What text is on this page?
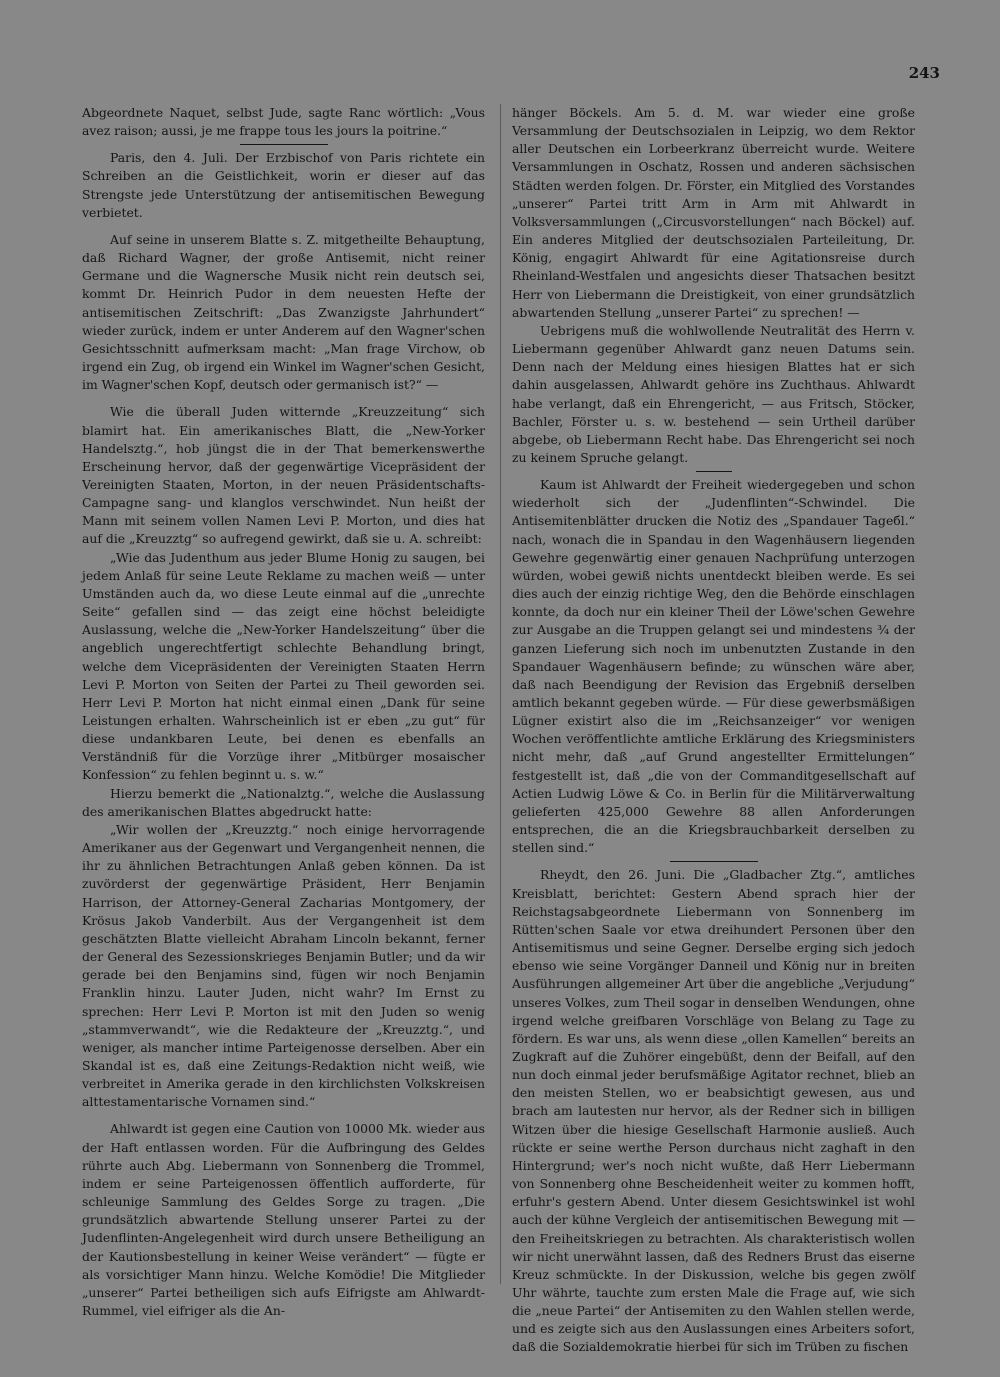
243

Abgeordnete Naquet, selbst Jude, sagte Ranc wörtlich: „Vous avez raison; aussi, je me frappe tous les jours la poitrine.“

Paris, den 4. Juli. Der Erzbischof von Paris richtete ein Schreiben an die Geistlichkeit, worin er dieser auf das Strengste jede Unterstützung der antisemitischen Bewegung verbietet.

Auf seine in unserem Blatte s. Z. mitgetheilte Behauptung, daß Richard Wagner, der große Antisemit, nicht reiner Germane und die Wagnersche Musik nicht rein deutsch sei, kommt Dr. Heinrich Pudor in dem neuesten Hefte der antisemitischen Zeitschrift: „Das Zwanzigste Jahrhundert“ wieder zurück, indem er unter Anderem auf den Wagner'schen Gesichtsschnitt aufmerksam macht: „Man frage Virchow, ob irgend ein Zug, ob irgend ein Winkel im Wagner'schen Gesicht, im Wagner'schen Kopf, deutsch oder germanisch ist?“ —

Wie die überall Juden witternde „Kreuzzeitung“ sich blamirt hat. Ein amerikanisches Blatt, die „New-Yorker Handelsztg.“, hob jüngst die in der That bemerkenswerthe Erscheinung hervor, daß der gegenwärtige Vicepräsident der Vereinigten Staaten, Morton, in der neuen Präsidentschafts-Campagne sang- und klanglos verschwindet. Nun heißt der Mann mit seinem vollen Namen Levi P. Morton, und dies hat auf die „Kreuzztg“ so aufregend gewirkt, daß sie u. A. schreibt:

„Wie das Judenthum aus jeder Blume Honig zu saugen, bei jedem Anlaß für seine Leute Reklame zu machen weiß — unter Umständen auch da, wo diese Leute einmal auf die „unrechte Seite“ gefallen sind — das zeigt eine höchst beleidigte Auslassung, welche die „New-Yorker Handelszeitung“ über die angeblich ungerechtfertigt schlechte Behandlung bringt, welche dem Vicepräsidenten der Vereinigten Staaten Herrn Levi P. Morton von Seiten der Partei zu Theil geworden sei. Herr Levi P. Morton hat nicht einmal einen „Dank für seine Leistungen erhalten. Wahrscheinlich ist er eben „zu gut“ für diese undankbaren Leute, bei denen es ebenfalls an Verständniß für die Vorzüge ihrer „Mitbürger mosaischer Konfession“ zu fehlen beginnt u. s. w.“

Hierzu bemerkt die „Nationalztg.“, welche die Auslassung des amerikanischen Blattes abgedruckt hatte:

„Wir wollen der „Kreuzztg.“ noch einige hervorragende Amerikaner aus der Gegenwart und Vergangenheit nennen, die ihr zu ähnlichen Betrachtungen Anlaß geben können. Da ist zuvörderst der gegenwärtige Präsident, Herr Benjamin Harrison, der Attorney-General Zacharias Montgomery, der Krösus Jakob Vanderbilt. Aus der Vergangenheit ist dem geschätzten Blatte vielleicht Abraham Lincoln bekannt, ferner der General des Sezessionskrieges Benjamin Butler; und da wir gerade bei den Benjamins sind, fügen wir noch Benjamin Franklin hinzu. Lauter Juden, nicht wahr? Im Ernst zu sprechen: Herr Levi P. Morton ist mit den Juden so wenig „stammverwandt“, wie die Redakteure der „Kreuzztg.“, und weniger, als mancher intime Parteigenosse derselben. Aber ein Skandal ist es, daß eine Zeitungs-Redaktion nicht weiß, wie verbreitet in Amerika gerade in den kirchlichsten Volkskreisen alttestamentarische Vornamen sind.“

Ahlwardt ist gegen eine Caution von 10000 Mk. wieder aus der Haft entlassen worden. Für die Aufbringung des Geldes rührte auch Abg. Liebermann von Sonnenberg die Trommel, indem er seine Parteigenossen öffentlich aufforderte, für schleunige Sammlung des Geldes Sorge zu tragen. „Die grundsätzlich abwartende Stellung unserer Partei zu der Judenflinten-Angelegenheit wird durch unsere Betheiligung an der Kautionsbestellung in keiner Weise verändert“ — fügte er als vorsichtiger Mann hinzu. Welche Komödie! Die Mitglieder „unserer“ Partei betheiligen sich aufs Eifrigste am Ahlwardt-Rummel, viel eifriger als die An-

hänger Böckels. Am 5. d. M. war wieder eine große Versammlung der Deutschsozialen in Leipzig, wo dem Rektor aller Deutschen ein Lorbeerkranz überreicht wurde. Weitere Versammlungen in Oschatz, Rossen und anderen sächsischen Städten werden folgen. Dr. Förster, ein Mitglied des Vorstandes „unserer“ Partei tritt Arm in Arm mit Ahlwardt in Volksversammlungen („Circusvorstellungen“ nach Böckel) auf. Ein anderes Mitglied der deutschsozialen Parteileitung, Dr. König, engagirt Ahlwardt für eine Agitationsreise durch Rheinland-Westfalen und angesichts dieser Thatsachen besitzt Herr von Liebermann die Dreistigkeit, von einer grundsätzlich abwartenden Stellung „unserer Partei“ zu sprechen! —

Uebrigens muß die wohlwollende Neutralität des Herrn v. Liebermann gegenüber Ahlwardt ganz neuen Datums sein. Denn nach der Meldung eines hiesigen Blattes hat er sich dahin ausgelassen, Ahlwardt gehöre ins Zuchthaus. Ahlwardt habe verlangt, daß ein Ehrengericht, — aus Fritsch, Stöcker, Bachler, Förster u. s. w. bestehend — sein Urtheil darüber abgebe, ob Liebermann Recht habe. Das Ehrengericht sei noch zu keinem Spruche gelangt.

Kaum ist Ahlwardt der Freiheit wiedergegeben und schon wiederholt sich der „Judenflinten“-Schwindel. Die Antisemitenblätter drucken die Notiz des „Spandauer Tageбl.“ nach, wonach die in Spandau in den Wagenhäusern liegenden Gewehre gegenwärtig einer genauen Nachprüfung unterzogen würden, wobei gewiß nichts unentdeckt bleiben werde. Es sei dies auch der einzig richtige Weg, den die Behörde einschlagen konnte, da doch nur ein kleiner Theil der Löwe'schen Gewehre zur Ausgabe an die Truppen gelangt sei und mindestens ¾ der ganzen Lieferung sich noch im unbenutzten Zustande in den Spandauer Wagenhäusern befinde; zu wünschen wäre aber, daß nach Beendigung der Revision das Ergebniß derselben amtlich bekannt gegeben würde. — Für diese gewerbsmäßigen Lügner existirt also die im „Reichsanzeiger“ vor wenigen Wochen veröffentlichte amtliche Erklärung des Kriegsministers nicht mehr, daß „auf Grund angestellter Ermittelungen“ festgestellt ist, daß „die von der Commanditgesellschaft auf Actien Ludwig Löwe & Co. in Berlin für die Militärverwaltung gelieferten 425,000 Gewehre 88 allen Anforderungen entsprechen, die an die Kriegsbrauchbarkeit derselben zu stellen sind.“

Rheydt, den 26. Juni. Die „Gladbacher Ztg.“, amtliches Kreisblatt, berichtet: Gestern Abend sprach hier der Reichstagsabgeordnete Liebermann von Sonnenberg im Rütten'schen Saale vor etwa dreihundert Personen über den Antisemitismus und seine Gegner. Derselbe erging sich jedoch ebenso wie seine Vorgänger Danneil und König nur in breiten Ausführungen allgemeiner Art über die angebliche „Verjudung“ unseres Volkes, zum Theil sogar in denselben Wendungen, ohne irgend welche greifbaren Vorschläge von Belang zu Tage zu fördern. Es war uns, als wenn diese „ollen Kamellen“ bereits an Zugkraft auf die Zuhörer eingebüßt, denn der Beifall, auf den nun doch einmal jeder berufsmäßige Agitator rechnet, blieb an den meisten Stellen, wo er beabsichtigt gewesen, aus und brach am lautesten nur hervor, als der Redner sich in billigen Witzen über die hiesige Gesellschaft Harmonie ausließ. Auch rückte er seine werthe Person durchaus nicht zaghaft in den Hintergrund; wer's noch nicht wußte, daß Herr Liebermann von Sonnenberg ohne Bescheidenheit weiter zu kommen hofft, erfuhr's gestern Abend. Unter diesem Gesichtswinkel ist wohl auch der kühne Vergleich der antisemitischen Bewegung mit — den Freiheitskriegen zu betrachten. Als charakteristisch wollen wir nicht unerwähnt lassen, daß des Redners Brust das eiserne Kreuz schmückte. In der Diskussion, welche bis gegen zwölf Uhr währte, tauchte zum ersten Male die Frage auf, wie sich die „neue Partei“ der Antisemiten zu den Wahlen stellen werde, und es zeigte sich aus den Auslassungen eines Arbeiters sofort, daß die Sozialdemokratie hierbei für sich im Trüben zu fischen
